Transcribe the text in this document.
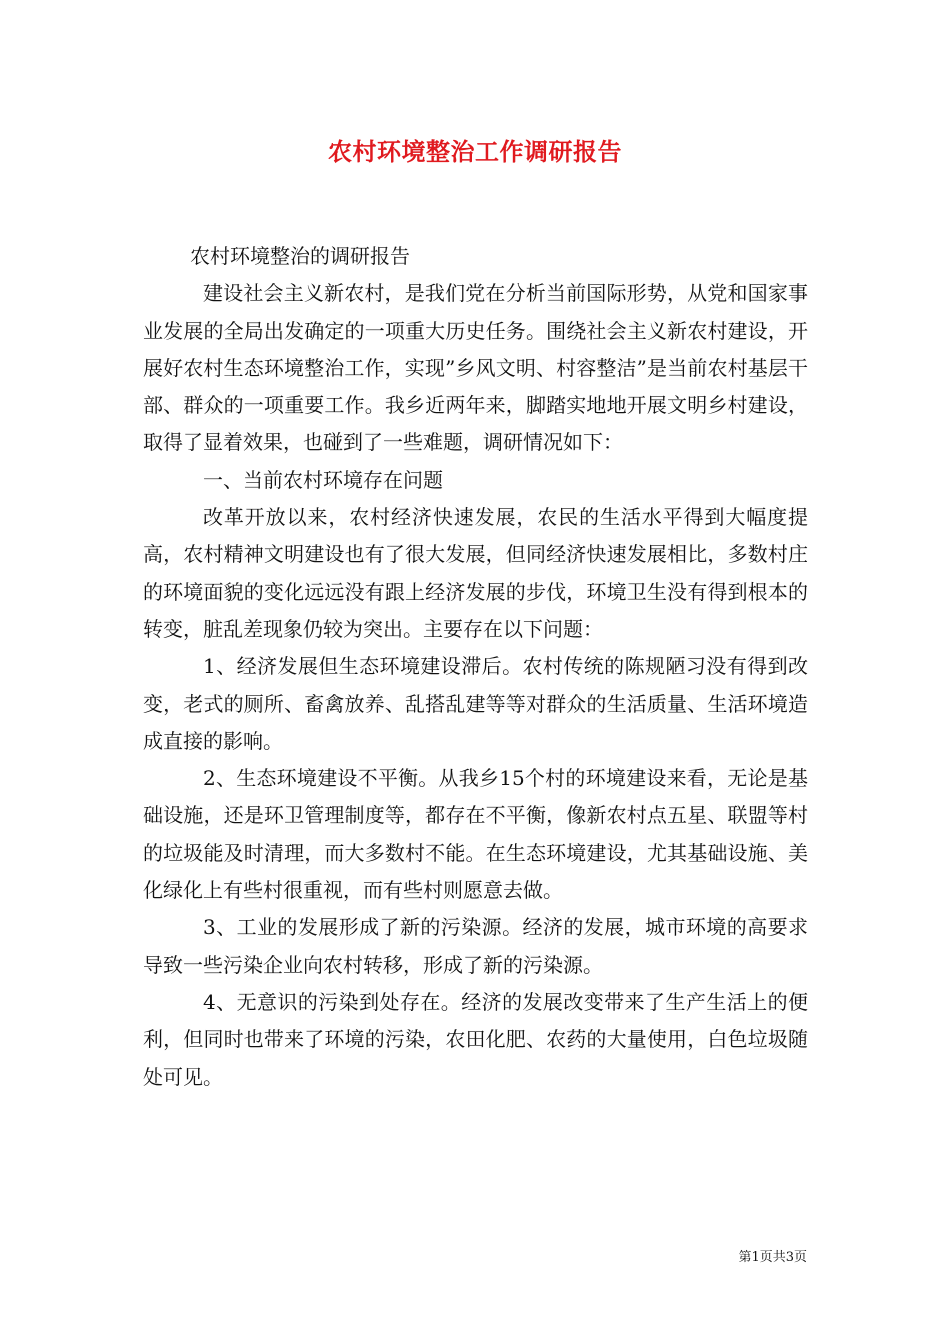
农村环境整治工作调研报告

农村环境整治的调研报告

建设社会主义新农村，是我们党在分析当前国际形势，从党和国家事业发展的全局出发确定的一项重大历史任务。围绕社会主义新农村建设，开展好农村生态环境整治工作，实现”乡风文明、村容整洁”是当前农村基层干部、群众的一项重要工作。我乡近两年来，脚踏实地地开展文明乡村建设，取得了显着效果，也碰到了一些难题，调研情况如下：

一、当前农村环境存在问题

改革开放以来，农村经济快速发展，农民的生活水平得到大幅度提高，农村精神文明建设也有了很大发展，但同经济快速发展相比，多数村庄的环境面貌的变化远远没有跟上经济发展的步伐，环境卫生没有得到根本的转变，脏乱差现象仍较为突出。主要存在以下问题：

1、经济发展但生态环境建设滞后。农村传统的陈规陋习没有得到改变，老式的厕所、畜禽放养、乱搭乱建等等对群众的生活质量、生活环境造成直接的影响。

2、生态环境建设不平衡。从我乡15个村的环境建设来看，无论是基础设施，还是环卫管理制度等，都存在不平衡，像新农村点五星、联盟等村的垃圾能及时清理，而大多数村不能。在生态环境建设，尤其基础设施、美化绿化上有些村很重视，而有些村则愿意去做。

3、工业的发展形成了新的污染源。经济的发展，城市环境的高要求导致一些污染企业向农村转移，形成了新的污染源。

4、无意识的污染到处存在。经济的发展改变带来了生产生活上的便利，但同时也带来了环境的污染，农田化肥、农药的大量使用，白色垃圾随处可见。

第1页共3页
